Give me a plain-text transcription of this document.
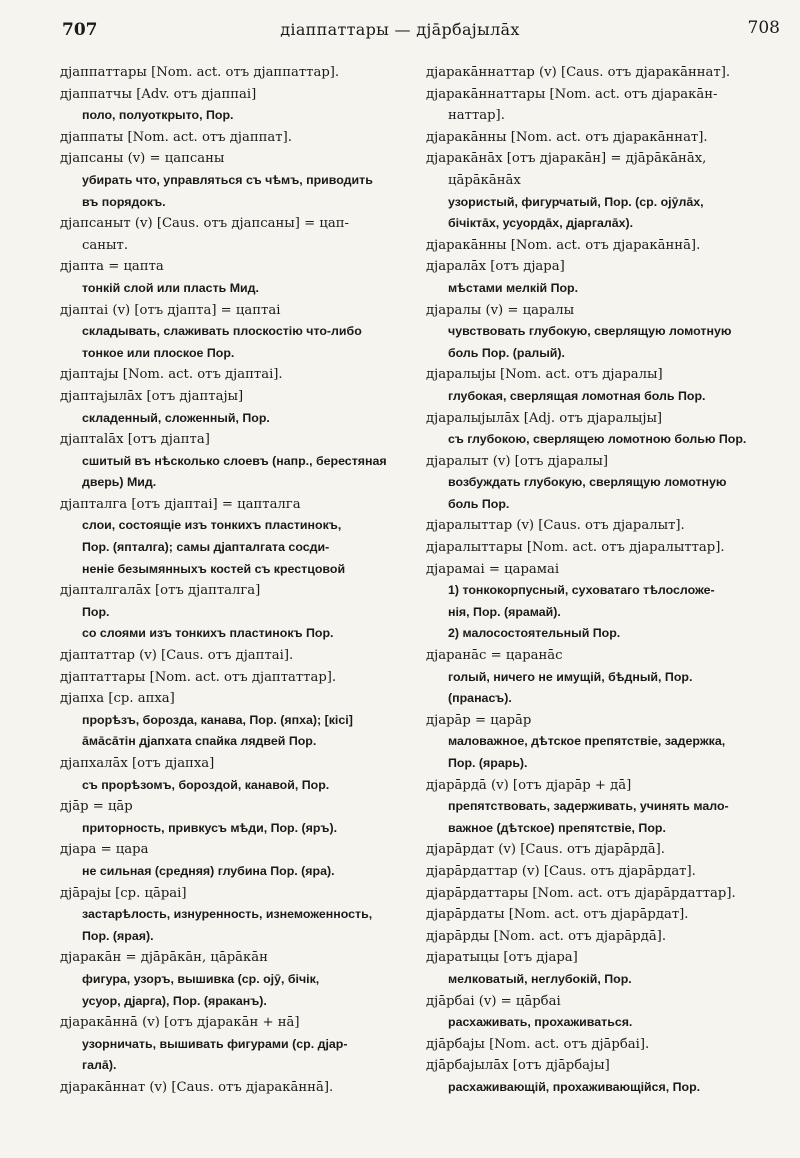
707	діаппаттары — дjа̄рбаjылāх	708
дjаппаттары [Nom. act. отъ дjаппаттар].
дjаппатчы [Adv. отъ дjаппаі]
поло, полуоткрыто, Пор.
дjаппаты [Nom. act. отъ дjаппат].
дjапсаны (v) = цапсаны
убирать что, управляться съ чѣмъ, приводить
въ порядокъ.
дjапсаныт (v) [Caus. отъ дjапсаны] = цап-
саныт.
дjапта = цапта
тонкій слой или пласть Мид.
дjаптаі (v) [отъ дjапта] = цаптаі
складывать, слаживать плоскостію что-либо
тонкое или плоское Пор.
дjаптаjы [Nom. act. отъ дjаптаі].
дjаптаjылāх [отъ дjаптаjы]
складенный, сложенный, Пор.
дjаптаlāх [отъ дjапта]
сшитый въ нѣсколько слоевъ (напр., берестяная
дверь) Мид.
дjапталга [отъ дjаптаі] = цапталга
слои, состоящіе изъ тонкихъ пластинокъ,
Пор. (япталга); самы дjапталгата сосди-
неніе безымянныхъ костей съ крестцовой
дjапталгалāх [отъ дjапталга]
Пор.
со слоями изъ тонкихъ пластинокъ Пор.
дjаптаттар (v) [Caus. отъ дjаптаі].
дjаптаттары [Nom. act. отъ дjаптаттар].
дjапха [ср. апха]
прорѣзъ, борозда, канава, Пор. (япха); [кісі]
āмāсāтін дjапхата спайка лядвей Пор.
дjапхалāх [отъ дjапха]
съ прорѣзомъ, бороздой, канавой, Пор.
дjāр = цāр
приторность, привкусъ мѣди, Пор. (яръ).
дjара = цара
не сильная (средняя) глубина Пор. (яра).
дjāраjы [ср. цāраі]
застарѣлость, изнуренность, изнеможенность,
Пор. (ярая).
дjаракāн = дjāрāкāн, цāрāкāн
фигура, узоръ, вышивка (ср. оjӯ, бічік,
усуор, дjарга), Пор. (яраканъ).
дjаракāннā (v) [отъ дjаракāн + нā]
узорничать, вышивать фигурами (ср. дjар-
галā).
дjаракāннат (v) [Caus. отъ дjаракāннā].
дjаракāннаттар (v) [Caus. отъ дjаракāннат].
дjаракāннаттары [Nom. act. отъ дjаракāн-
наттар].
дjаракāнны [Nom. act. отъ дjаракāннат].
дjаракāнāх [отъ дjаракāн] = дjāрāкāнāх,
цāрāкāнāх
узористый, фигурчатый, Пор. (ср. оjӯлāх,
бічіктāх, усуордāх, дjаргалāх).
дjаракāнны [Nom. act. отъ дjаракāннā].
дjаралāх [отъ дjара]
мѣстами мелкій Пор.
дjаралы (v) = царалы
чувствовать глубокую, сверлящую ломотную
боль Пор. (ралый).
дjаралыjы [Nom. act. отъ дjаралы]
глубокая, сверлящая ломотная боль Пор.
дjаралыjылāх [Adj. отъ дjаралыjы]
съ глубокою, сверлящею ломотною болью Пор.
дjаралыт (v) [отъ дjаралы]
возбуждать глубокую, сверлящую ломотную
боль Пор.
дjаралыттар (v) [Caus. отъ дjаралыт].
дjаралыттары [Nom. act. отъ дjаралыттар].
дjарамаі = царамаі
1) тонкокорпусный, суховатаго тѣлосложе-
нія, Пор. (ярамай).
2) малосостоятельный Пор.
дjаранāс = царанāс
голый, ничего не имущій, бѣдный, Пор.
(пранасъ).
дjарāр = царāр
маловажное, дѣтское препятствіе, задержка,
Пор. (ярарь).
дjарāрдā (v) [отъ дjарāр + дā]
препятствовать, задерживать, учинять мало-
важное (дѣтское) препятствіе, Пор.
дjарāрдат (v) [Caus. отъ дjарāрдā].
дjарāрдаттар (v) [Caus. отъ дjарāрдат].
дjарāрдаттары [Nom. act. отъ дjарāрдаттар].
дjарāрдаты [Nom. act. отъ дjарāрдат].
дjарāрды [Nom. act. отъ дjарāрдā].
дjаратыцы [отъ дjара]
мелковатый, неглубокій, Пор.
дjāрбаі (v) = цāрбаі
расхаживать, прохаживаться.
дjāрбаjы [Nom. act. отъ дjāрбаі].
дjāрбаjылāх [отъ дjāрбаjы]
расхаживающій, прохаживающійся, Пор.
